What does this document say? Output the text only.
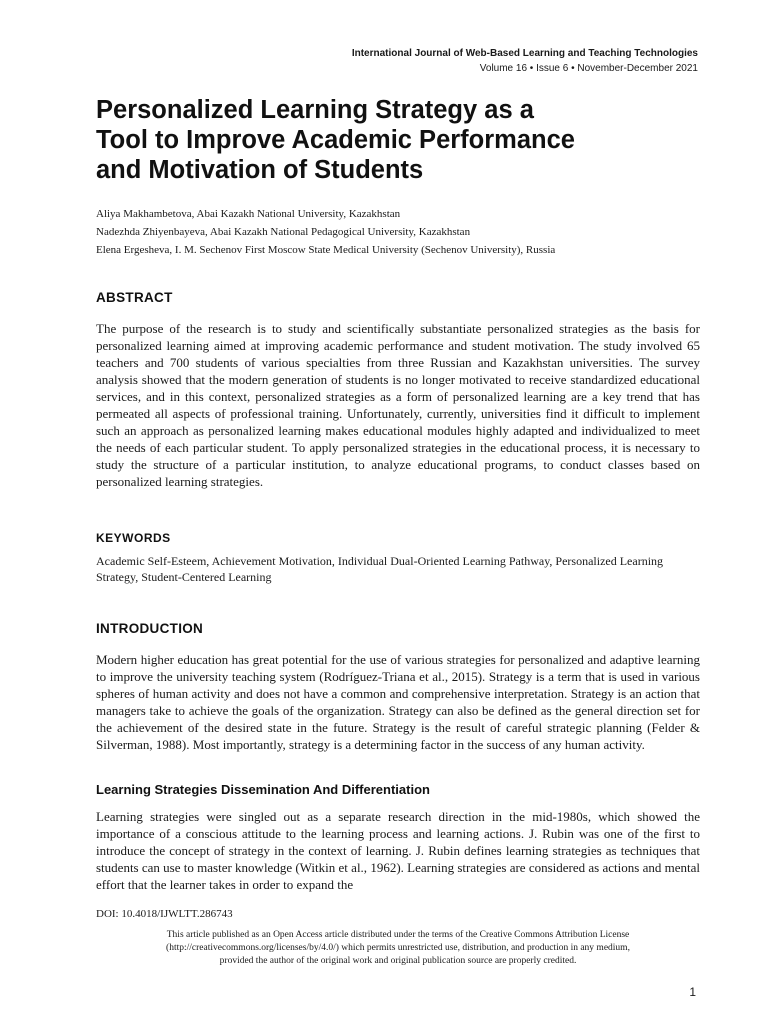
International Journal of Web-Based Learning and Teaching Technologies
Volume 16 • Issue 6 • November-December 2021
Personalized Learning Strategy as a
Tool to Improve Academic Performance
and Motivation of Students
Aliya Makhambetova, Abai Kazakh National University, Kazakhstan
Nadezhda Zhiyenbayeva, Abai Kazakh National Pedagogical University, Kazakhstan
Elena Ergesheva, I. M. Sechenov First Moscow State Medical University (Sechenov University), Russia
ABSTRACT

The purpose of the research is to study and scientifically substantiate personalized strategies as the basis for personalized learning aimed at improving academic performance and student motivation. The study involved 65 teachers and 700 students of various specialties from three Russian and Kazakhstan universities. The survey analysis showed that the modern generation of students is no longer motivated to receive standardized educational services, and in this context, personalized strategies as a form of personalized learning are a key trend that has permeated all aspects of professional training. Unfortunately, currently, universities find it difficult to implement such an approach as personalized learning makes educational modules highly adapted and individualized to meet the needs of each particular student. To apply personalized strategies in the educational process, it is necessary to study the structure of a particular institution, to analyze educational programs, to conduct classes based on personalized learning strategies.

KEYWORDS

Academic Self-Esteem, Achievement Motivation, Individual Dual-Oriented Learning Pathway, Personalized Learning Strategy, Student-Centered Learning

INTRODUCTION

Modern higher education has great potential for the use of various strategies for personalized and adaptive learning to improve the university teaching system (Rodríguez-Triana et al., 2015). Strategy is a term that is used in various spheres of human activity and does not have a common and comprehensive interpretation. Strategy is an action that managers take to achieve the goals of the organization. Strategy can also be defined as the general direction set for the achievement of the desired state in the future. Strategy is the result of careful strategic planning (Felder & Silverman, 1988). Most importantly, strategy is a determining factor in the success of any human activity.

Learning Strategies Dissemination And Differentiation

Learning strategies were singled out as a separate research direction in the mid-1980s, which showed the importance of a conscious attitude to the learning process and learning actions. J. Rubin was one of the first to introduce the concept of strategy in the context of learning. J. Rubin defines learning strategies as techniques that students can use to master knowledge (Witkin et al., 1962). Learning strategies are considered as actions and mental effort that the learner takes in order to expand the

DOI: 10.4018/IJWLTT.286743
This article published as an Open Access article distributed under the terms of the Creative Commons Attribution License
(http://creativecommons.org/licenses/by/4.0/) which permits unrestricted use, distribution, and production in any medium,
provided the author of the original work and original publication source are properly credited.
1
